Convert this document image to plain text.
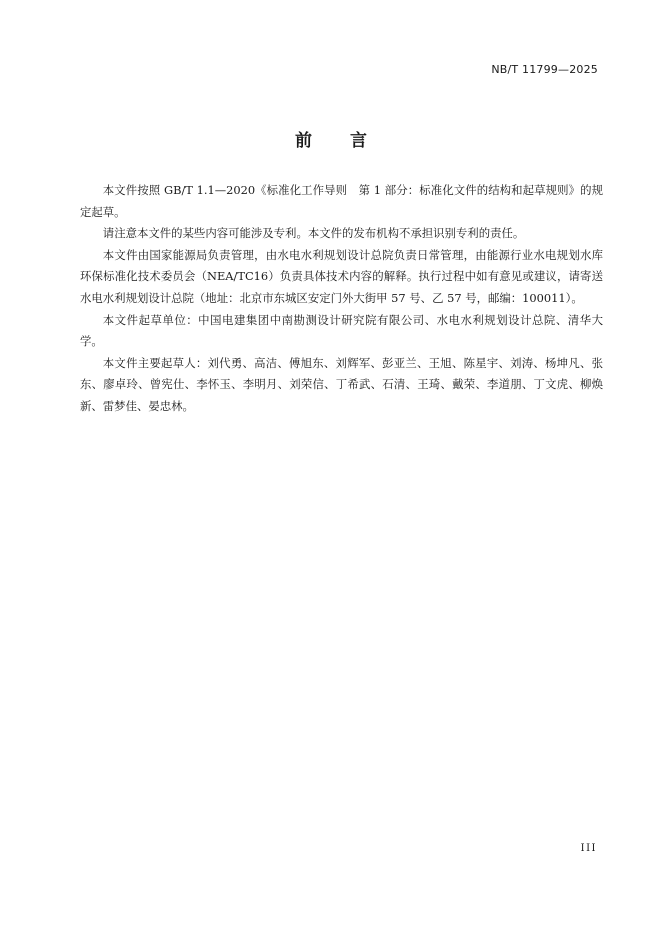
NB/T 11799—2025
前 言

本文件按照 GB/T 1.1—2020《标准化工作导则　第 1 部分：标准化文件的结构和起草规则》的规定起草。

请注意本文件的某些内容可能涉及专利。本文件的发布机构不承担识别专利的责任。

本文件由国家能源局负责管理，由水电水利规划设计总院负责日常管理，由能源行业水电规划水库环保标准化技术委员会（NEA/TC16）负责具体技术内容的解释。执行过程中如有意见或建议，请寄送水电水利规划设计总院（地址：北京市东城区安定门外大街甲 57 号、乙 57 号，邮编：100011）。

本文件起草单位：中国电建集团中南勘测设计研究院有限公司、水电水利规划设计总院、清华大学。

本文件主要起草人：刘代勇、高洁、傅旭东、刘辉军、彭亚兰、王旭、陈星宇、刘涛、杨坤凡、张东、廖卓玲、曾宪仕、李怀玉、李明月、刘荣信、丁希武、石清、王琦、戴荣、李道朋、丁文虎、柳焕新、雷梦佳、晏忠林。

III
